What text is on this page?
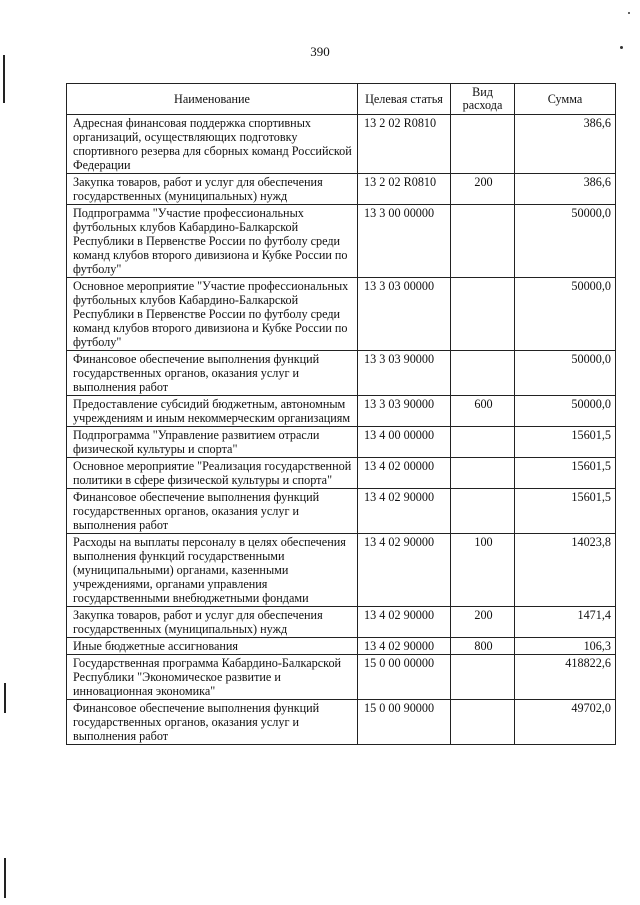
390
Наименование	Целевая статья	Вид расхода	Сумма
Адресная финансовая поддержка спортивных организаций, осуществляющих подготовку спортивного резерва для сборных команд Российской Федерации	13 2 02 R0810		386,6
Закупка товаров, работ и услуг для обеспечения государственных (муниципальных) нужд	13 2 02 R0810	200	386,6
Подпрограмма "Участие профессиональных футбольных клубов Кабардино-Балкарской Республики в Первенстве России по футболу среди команд клубов второго дивизиона и Кубке России по футболу"	13 3 00 00000		50000,0
Основное мероприятие "Участие профессиональных футбольных клубов Кабардино-Балкарской Республики в Первенстве России по футболу среди команд клубов второго дивизиона и Кубке России по футболу"	13 3 03 00000		50000,0
Финансовое обеспечение выполнения функций государственных органов, оказания услуг и выполнения работ	13 3 03 90000		50000,0
Предоставление субсидий бюджетным, автономным учреждениям и иным некоммерческим организациям	13 3 03 90000	600	50000,0
Подпрограмма "Управление развитием отрасли физической культуры и спорта"	13 4 00 00000		15601,5
Основное мероприятие "Реализация государственной политики в сфере физической культуры и спорта"	13 4 02 00000		15601,5
Финансовое обеспечение выполнения функций государственных органов, оказания услуг и выполнения работ	13 4 02 90000		15601,5
Расходы на выплаты персоналу в целях обеспечения выполнения функций государственными (муниципальными) органами, казенными учреждениями, органами управления государственными внебюджетными фондами	13 4 02 90000	100	14023,8
Закупка товаров, работ и услуг для обеспечения государственных (муниципальных) нужд	13 4 02 90000	200	1471,4
Иные бюджетные ассигнования	13 4 02 90000	800	106,3
Государственная программа Кабардино-Балкарской Республики "Экономическое развитие и инновационная экономика"	15 0 00 00000		418822,6
Финансовое обеспечение выполнения функций государственных органов, оказания услуг и выполнения работ	15 0 00 90000		49702,0
